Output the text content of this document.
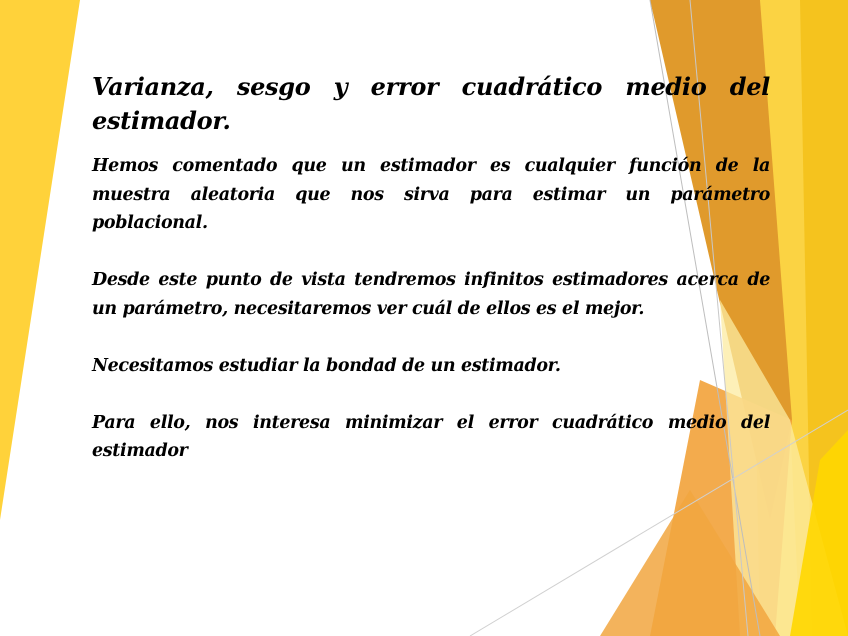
Varianza, sesgo y error cuadrático medio del estimador.
Hemos comentado que un estimador es cualquier función de la muestra aleatoria que nos sirva para estimar un parámetro poblacional.
Desde este punto de vista tendremos infinitos estimadores acerca de un parámetro, necesitaremos ver cuál de ellos es el mejor.
Necesitamos estudiar la bondad de un estimador.
Para ello, nos interesa minimizar el error cuadrático medio del estimador
